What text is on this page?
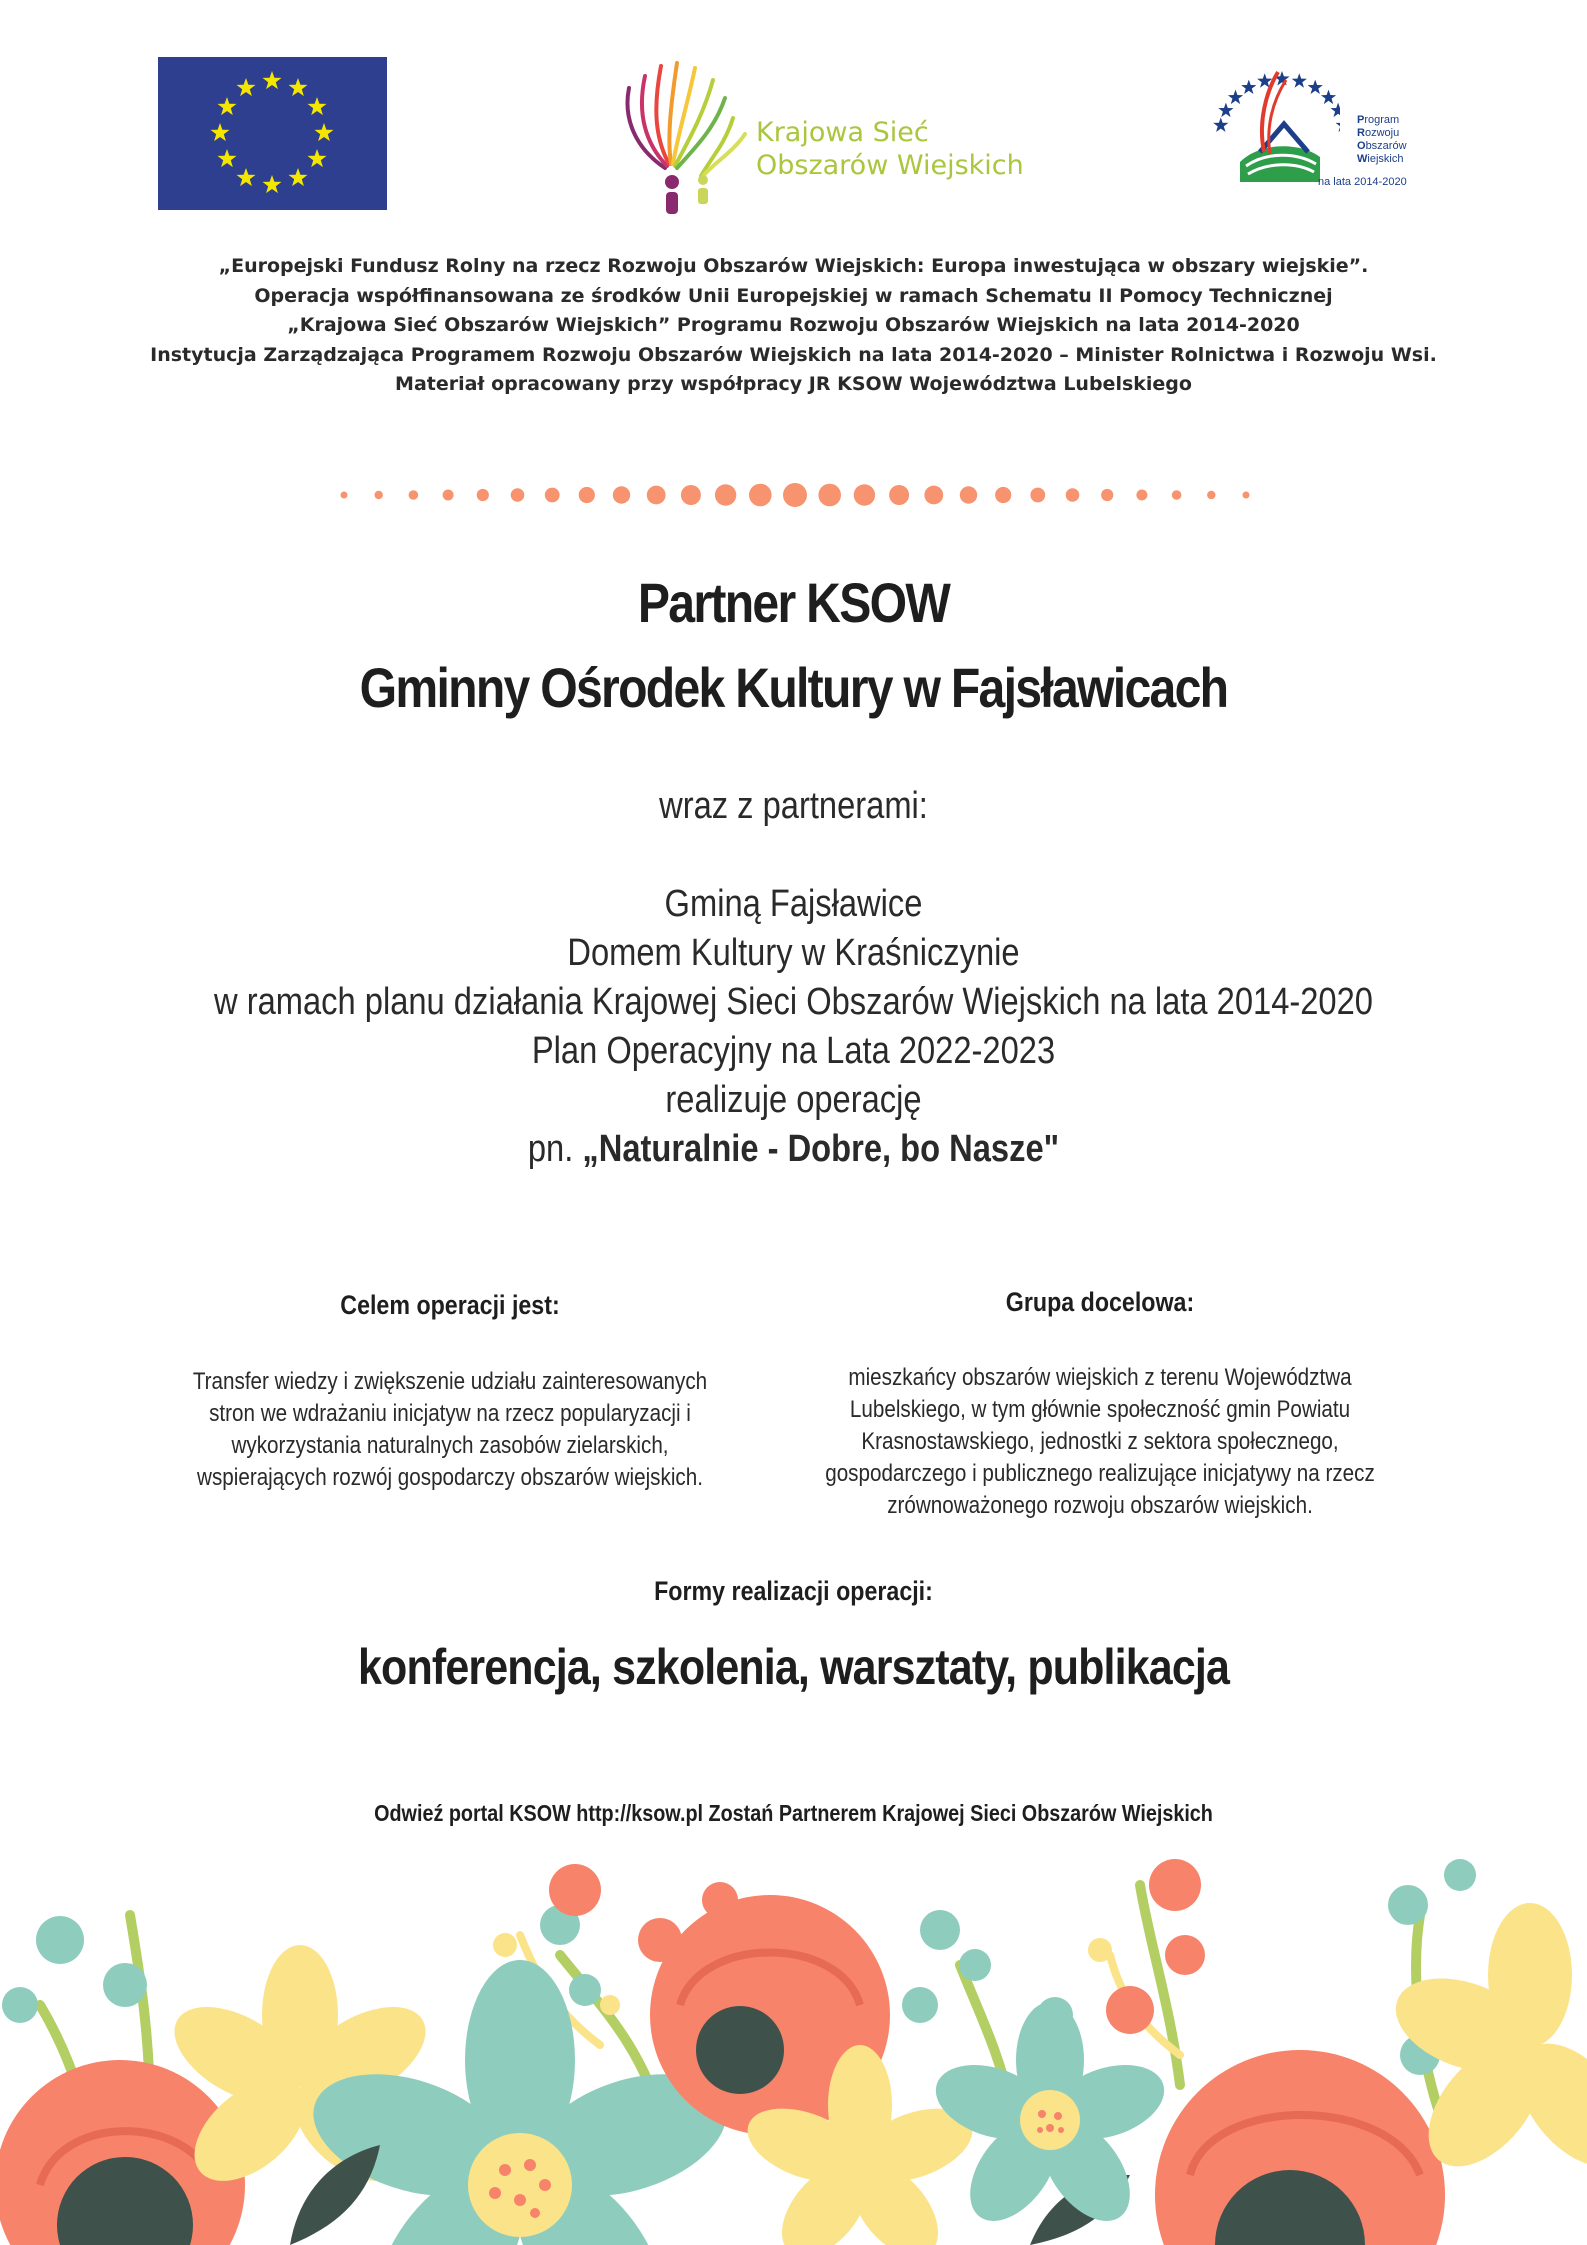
Krajowa Sieć
Obszarów Wiejskich
Program
Rozwoju
Obszarów
Wiejskich
na lata 2014-2020
„Europejski Fundusz Rolny na rzecz Rozwoju Obszarów Wiejskich: Europa inwestująca w obszary wiejskie”.
Operacja współfinansowana ze środków Unii Europejskiej w ramach Schematu II Pomocy Technicznej
„Krajowa Sieć Obszarów Wiejskich” Programu Rozwoju Obszarów Wiejskich na lata 2014-2020
Instytucja Zarządzająca Programem Rozwoju Obszarów Wiejskich na lata 2014-2020 – Minister Rolnictwa i Rozwoju Wsi.
Materiał opracowany przy współpracy JR KSOW Województwa Lubelskiego
Partner KSOW
Gminny Ośrodek Kultury w Fajsławicach
wraz z partnerami:
Gminą Fajsławice
Domem Kultury w Kraśniczynie
w ramach planu działania Krajowej Sieci Obszarów Wiejskich na lata 2014-2020
Plan Operacyjny na Lata 2022-2023
realizuje operację
pn. „Naturalnie - Dobre, bo Nasze"
Celem operacji jest:
Transfer wiedzy i zwiększenie udziału zainteresowanych
stron we wdrażaniu inicjatyw na rzecz popularyzacji i
wykorzystania naturalnych zasobów zielarskich,
wspierających rozwój gospodarczy obszarów wiejskich.
Grupa docelowa:
mieszkańcy obszarów wiejskich z terenu Województwa
Lubelskiego, w tym głównie społeczność gmin Powiatu
Krasnostawskiego, jednostki z sektora społecznego,
gospodarczego i publicznego realizujące inicjatywy na rzecz
zrównoważonego rozwoju obszarów wiejskich.
Formy realizacji operacji:
konferencja, szkolenia, warsztaty, publikacja
Odwieź portal KSOW http://ksow.pl Zostań Partnerem Krajowej Sieci Obszarów Wiejskich
